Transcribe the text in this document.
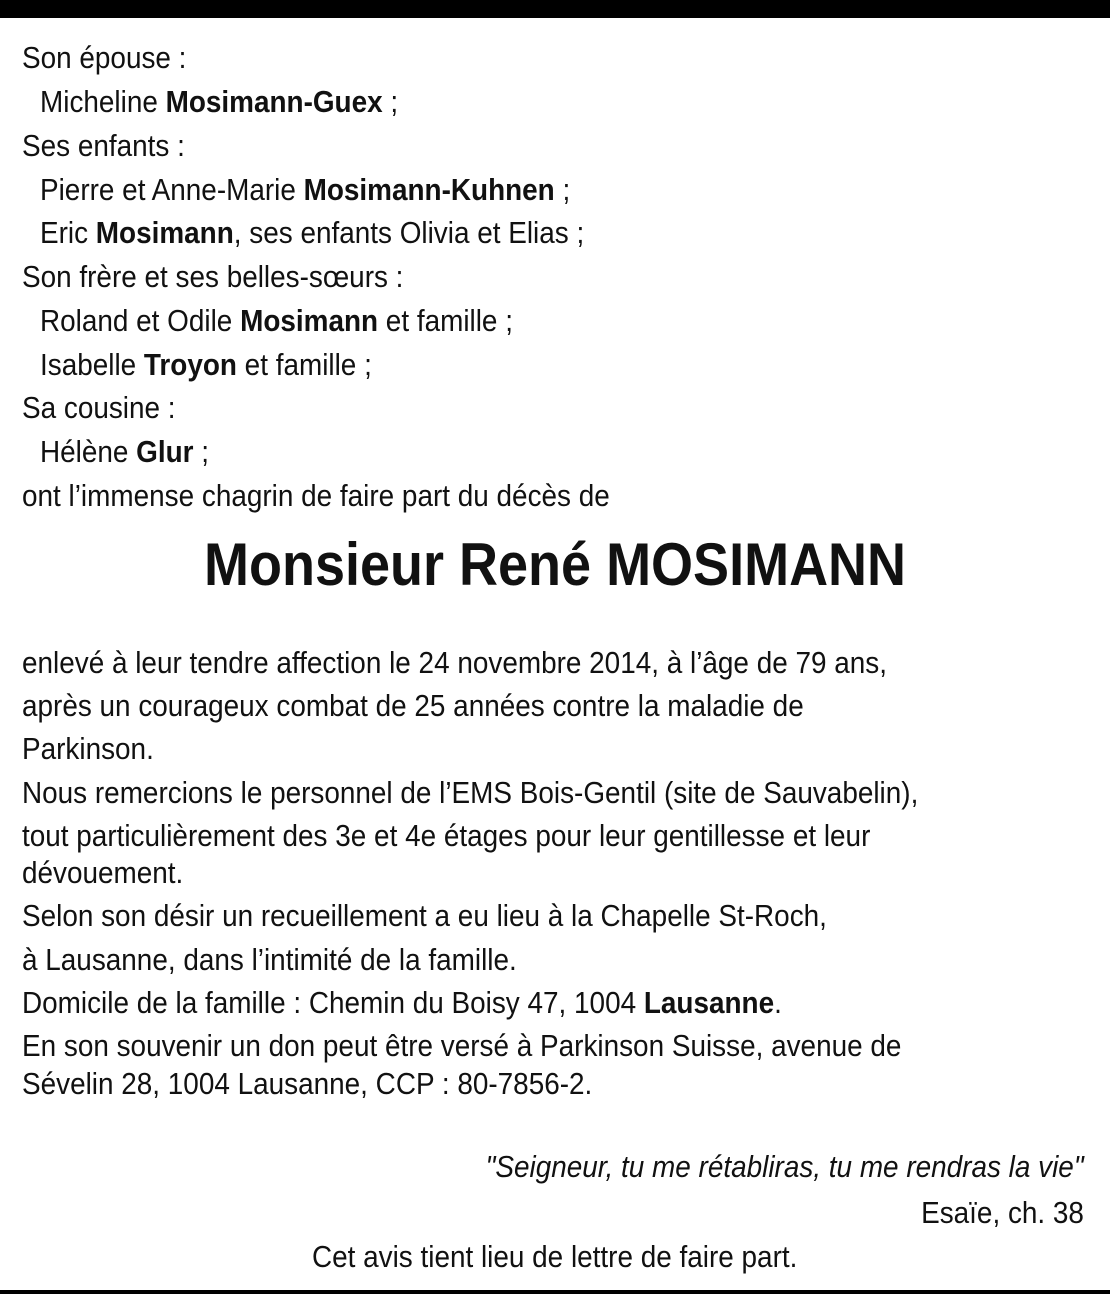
Son épouse :
Micheline Mosimann-Guex ;
Ses enfants :
Pierre et Anne-Marie Mosimann-Kuhnen ;
Eric Mosimann, ses enfants Olivia et Elias ;
Son frère et ses belles-sœurs :
Roland et Odile Mosimann et famille ;
Isabelle Troyon et famille ;
Sa cousine :
Hélène Glur ;
ont l’immense chagrin de faire part du décès de
Monsieur René MOSIMANN
enlevé à leur tendre affection le 24 novembre 2014, à l’âge de 79 ans,
après un courageux combat de 25 années contre la maladie de
Parkinson.
Nous remercions le personnel de l’EMS Bois-Gentil (site de Sauvabelin),
tout particulièrement des 3e et 4e étages pour leur gentillesse et leur
dévouement.
Selon son désir un recueillement a eu lieu à la Chapelle St-Roch,
à Lausanne, dans l’intimité de la famille.
Domicile de la famille : Chemin du Boisy 47, 1004 Lausanne.
En son souvenir un don peut être versé à Parkinson Suisse, avenue de
Sévelin 28, 1004 Lausanne, CCP : 80-7856-2.
"Seigneur, tu me rétabliras, tu me rendras la vie"
Esaïe, ch. 38
Cet avis tient lieu de lettre de faire part.
